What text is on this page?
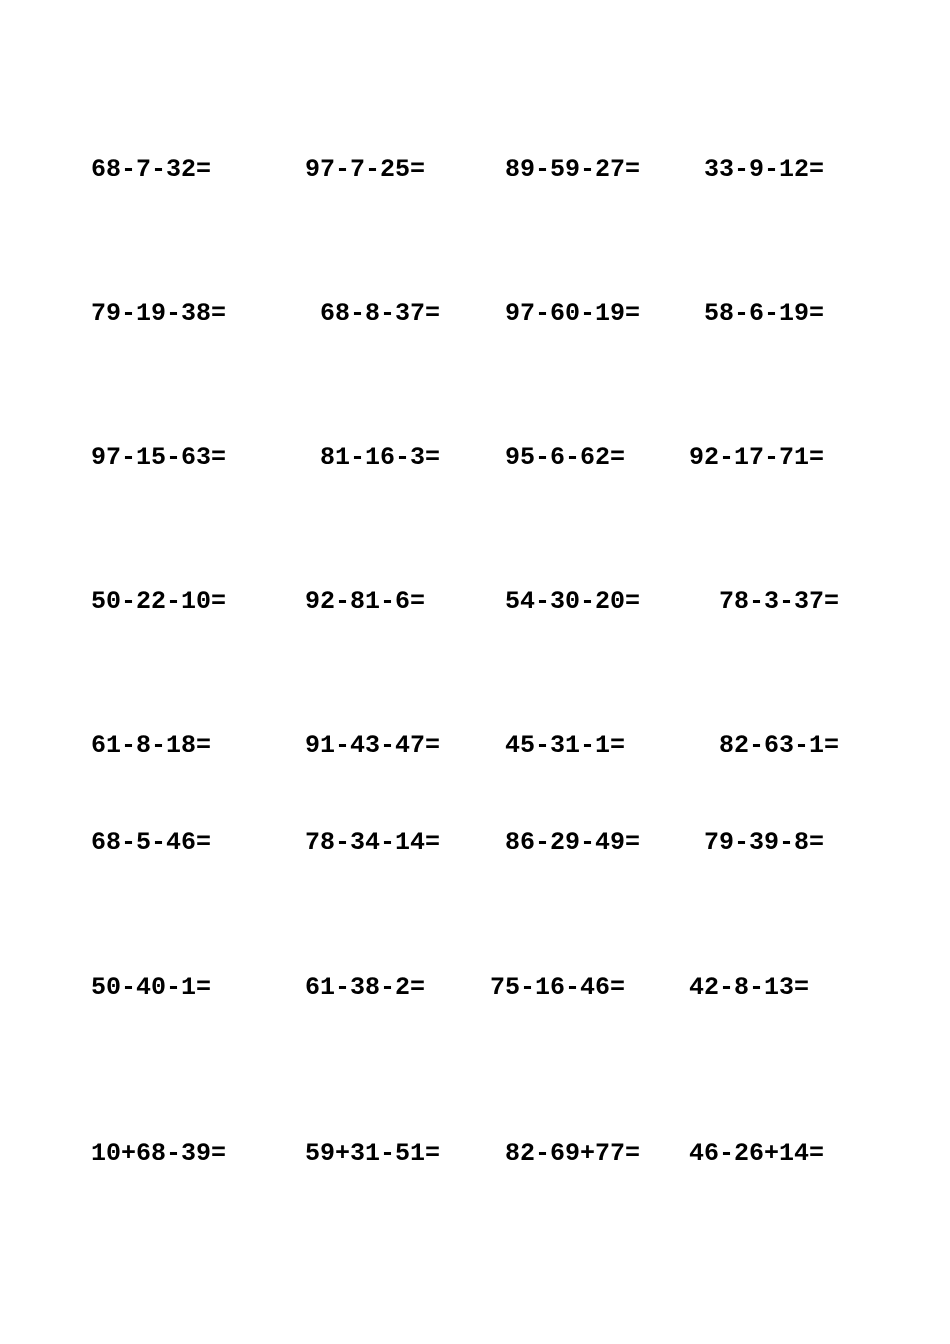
68-7-32=	97-7-25=	89-59-27=	33-9-12=
79-19-38=	68-8-37=	97-60-19=	58-6-19=
97-15-63=	81-16-3=	95-6-62=	92-17-71=
50-22-10=	92-81-6=	54-30-20=	78-3-37=
61-8-18=	91-43-47=	45-31-1=	82-63-1=
68-5-46=	78-34-14=	86-29-49=	79-39-8=
50-40-1=	61-38-2=	75-16-46=	42-8-13=
10+68-39=	59+31-51=	82-69+77= 46-26+14=
